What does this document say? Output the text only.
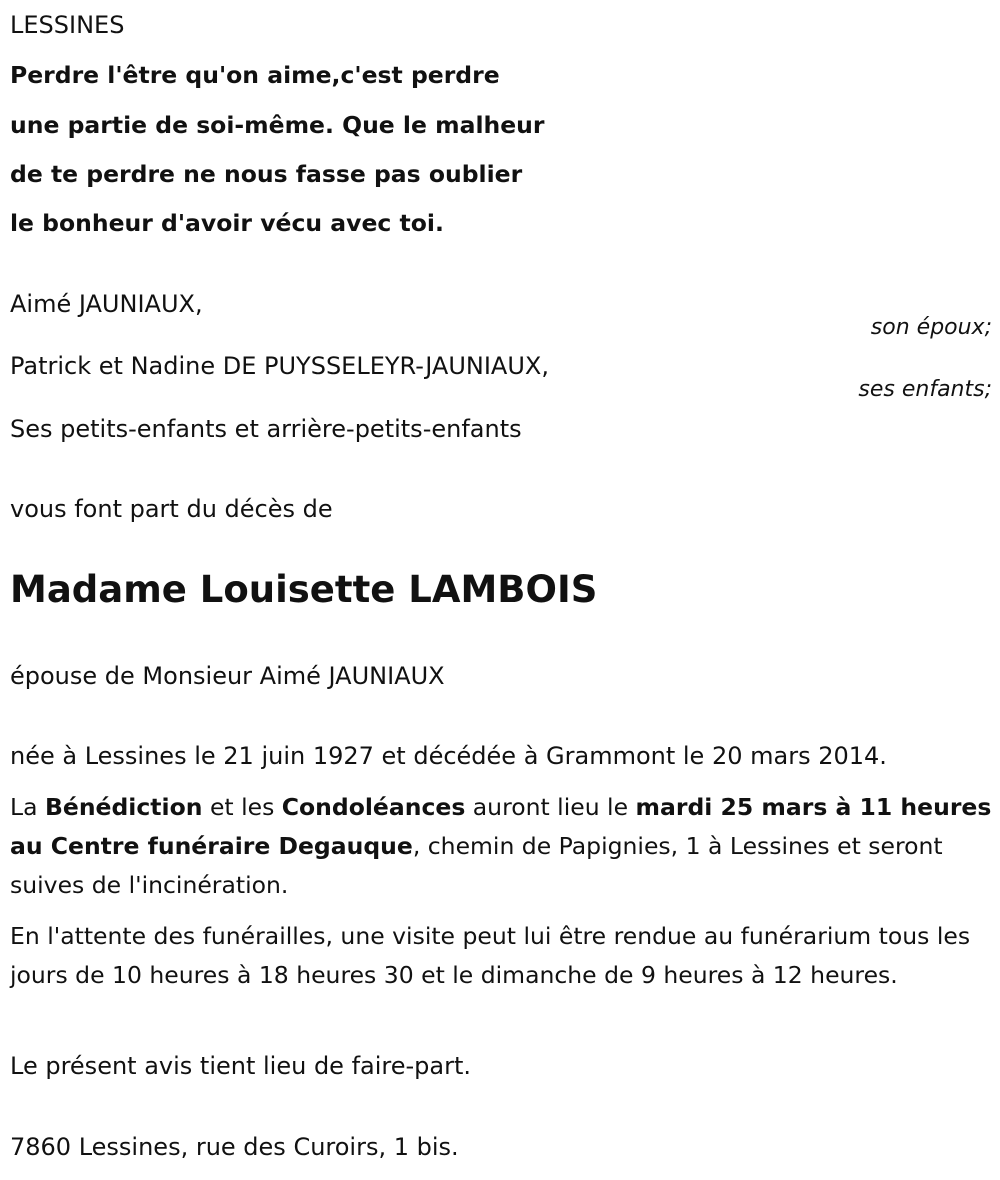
LESSINES
Perdre l'être qu'on aime,c'est perdre
une partie de soi-même. Que le malheur
de te perdre ne nous fasse pas oublier
le bonheur d'avoir vécu avec toi.
Aimé JAUNIAUX,
son époux;
Patrick et Nadine DE PUYSSELEYR-JAUNIAUX,
ses enfants;
Ses petits-enfants et arrière-petits-enfants
vous font part du décès de
Madame Louisette LAMBOIS
épouse de Monsieur Aimé JAUNIAUX
née à Lessines le 21 juin 1927 et décédée à Grammont le 20 mars 2014.
La Bénédiction et les Condoléances auront lieu le mardi 25 mars à 11 heures au Centre funéraire Degauque, chemin de Papignies, 1 à Lessines et seront suives de l'incinération.
En l'attente des funérailles, une visite peut lui être rendue au funérarium tous les jours de 10 heures à 18 heures 30 et le dimanche de 9 heures à 12 heures.
Le présent avis tient lieu de faire-part.
7860 Lessines, rue des Curoirs, 1 bis.
